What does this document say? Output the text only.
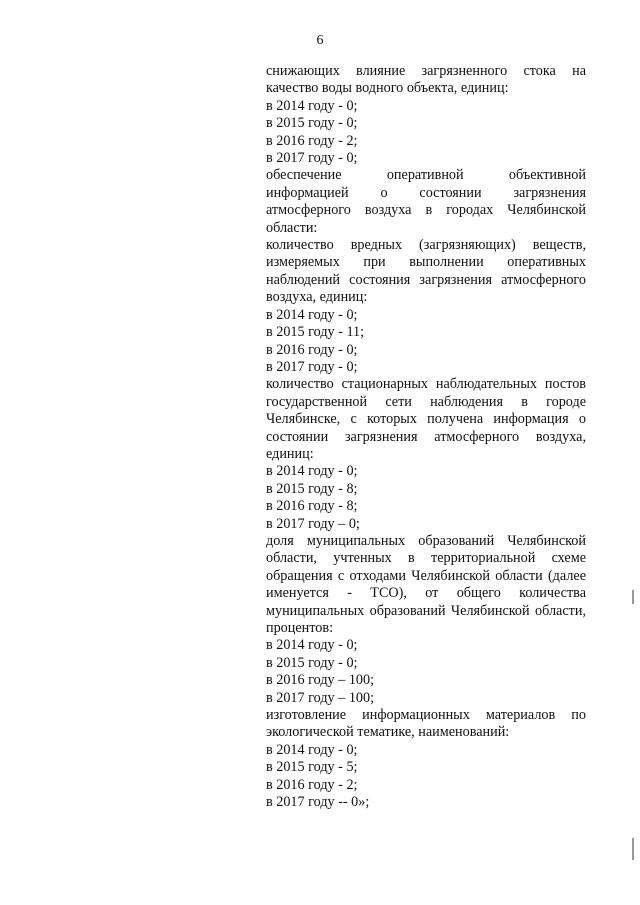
6
снижающих влияние загрязненного стока на качество воды водного объекта, единиц:
в 2014 году - 0;
в 2015 году - 0;
в 2016 году - 2;
в 2017 году - 0;
обеспечение оперативной объективной информацией о состоянии загрязнения атмосферного воздуха в городах Челябинской области:
количество вредных (загрязняющих) веществ, измеряемых при выполнении оперативных наблюдений состояния загрязнения атмосферного воздуха, единиц:
в 2014 году - 0;
в 2015 году - 11;
в 2016 году - 0;
в 2017 году - 0;
количество стационарных наблюдательных постов государственной сети наблюдения в городе Челябинске, с которых получена информация о состоянии загрязнения атмосферного воздуха, единиц:
в 2014 году - 0;
в 2015 году - 8;
в 2016 году - 8;
в 2017 году – 0;
доля муниципальных образований Челябинской области, учтенных в территориальной схеме обращения с отходами Челябинской области (далее именуется - ТСО), от общего количества муниципальных образований Челябинской области, процентов:
в 2014 году - 0;
в 2015 году - 0;
в 2016 году – 100;
в 2017 году – 100;
изготовление информационных материалов по экологической тематике, наименований:
в 2014 году - 0;
в 2015 году - 5;
в 2016 году - 2;
в 2017 году -- 0»;
